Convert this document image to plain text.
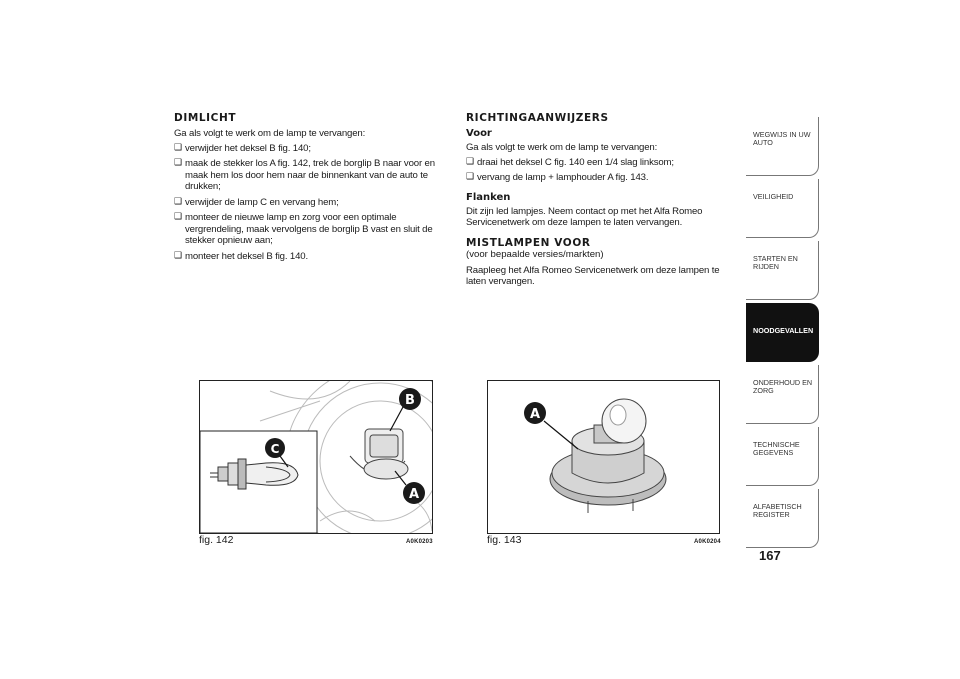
DIMLICHT
Ga als volgt te werk om de lamp te vervangen:
❑ verwijder het deksel B fig. 140;
❑ maak de stekker los A fig. 142, trek de borglip B naar voor en maak hem los door hem naar de binnenkant van de auto te drukken;
❑ verwijder de lamp C en vervang hem;
❑ monteer de nieuwe lamp en zorg voor een optimale vergrendeling, maak vervolgens de borglip B vast en sluit de stekker opnieuw aan;
❑ monteer het deksel B fig. 140.
RICHTINGAANWIJZERS
Voor
Ga als volgt te werk om de lamp te vervangen:
❑ draai het deksel C fig. 140 een 1/4 slag linksom;
❑ vervang de lamp + lamphouder A fig. 143.
Flanken
Dit zijn led lampjes. Neem contact op met het Alfa Romeo Servicenetwerk om deze lampen te laten vervangen.
MISTLAMPEN VOOR
(voor bepaalde versies/markten)
Raapleeg het Alfa Romeo Servicenetwerk om deze lampen te laten vervangen.
B
C
A
fig. 142	A0K0203
A
fig. 143	A0K0204
WEGWIJS IN UW AUTO
VEILIGHEID
STARTEN EN RIJDEN
NOODGEVALLEN
ONDERHOUD EN ZORG
TECHNISCHE GEGEVENS
ALFABETISCH REGISTER
167
